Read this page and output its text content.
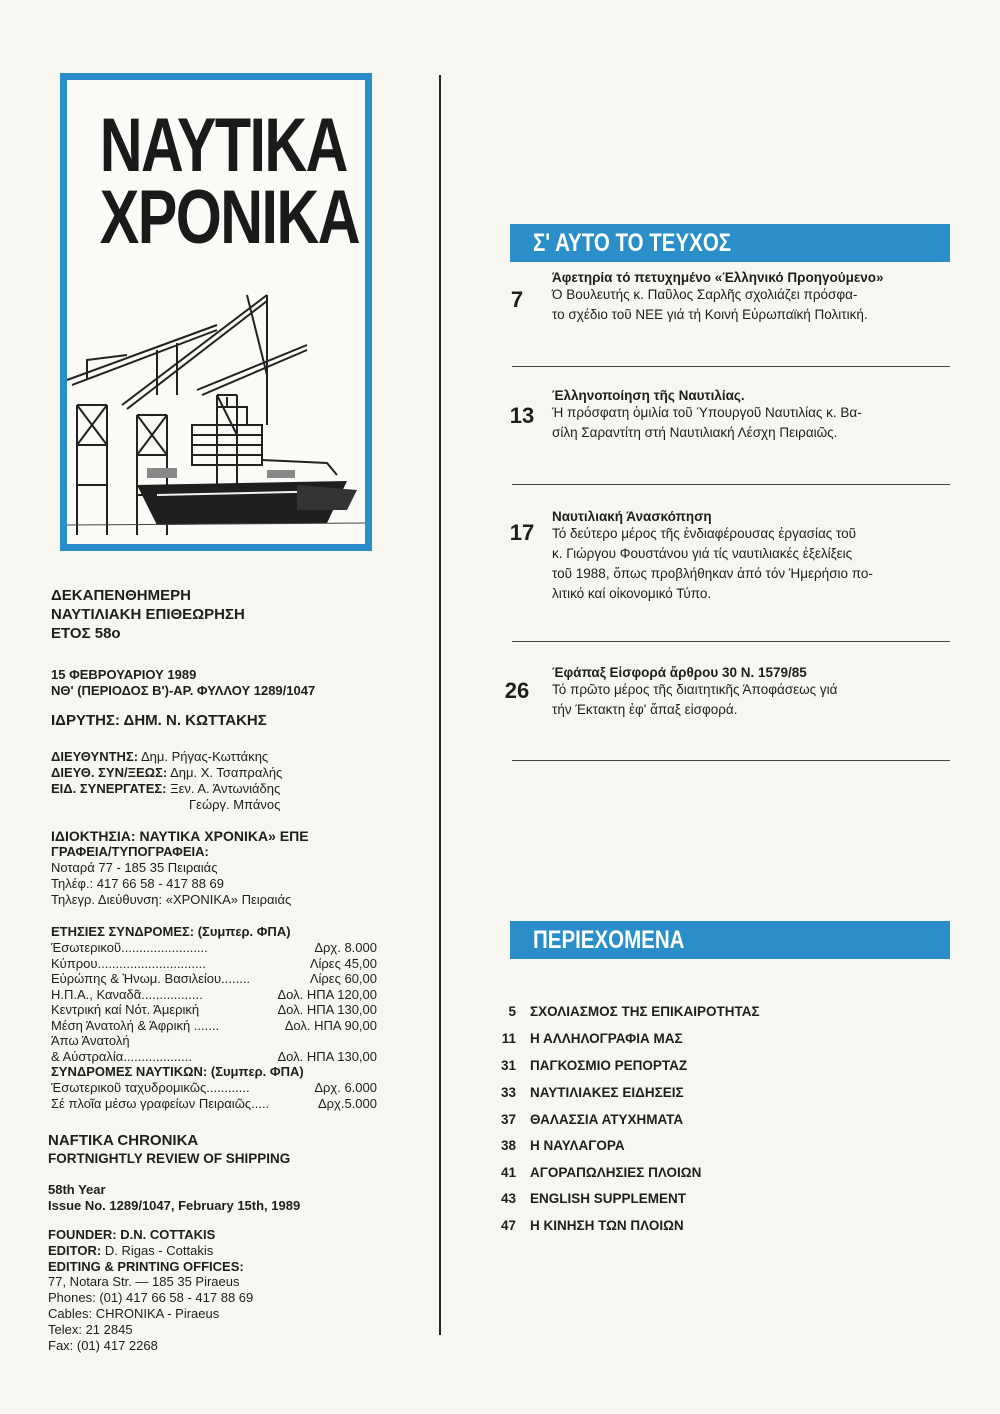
ΝΑΥΤΙΚΑ
ΧΡΟΝΙΚΑ
ΔΕΚΑΠΕΝΘΗΜΕΡΗ
ΝΑΥΤΙΛΙΑΚΗ ΕΠΙΘΕΩΡΗΣΗ
ΕΤΟΣ 58ο
15 ΦΕΒΡΟΥΑΡΙΟΥ 1989
ΝΘ' (ΠΕΡΙΟΔΟΣ Β')-ΑΡ. ΦΥΛΛΟΥ 1289/1047
ΙΔΡΥΤΗΣ: ΔΗΜ. Ν. ΚΩΤΤΑΚΗΣ
ΔΙΕΥΘΥΝΤΗΣ: Δημ. Ρήγας-Κωττάκης
ΔΙΕΥΘ. ΣΥΝ/ΞΕΩΣ: Δημ. Χ. Τσαπραλής
ΕΙΔ. ΣΥΝΕΡΓΑΤΕΣ: Ξεν. Α. Άντωνιάδης
Γεώργ. Μπάνος
ΙΔΙΟΚΤΗΣΙΑ: ΝΑΥΤΙΚΑ ΧΡΟΝΙΚΑ» ΕΠΕ
ΓΡΑΦΕΙΑ/ΤΥΠΟΓΡΑΦΕΙΑ:
Νοταρά 77 - 185 35 Πειραιάς
Τηλέφ.: 417 66 58 - 417 88 69
Τηλεγρ. Διεύθυνση: «ΧΡΟΝΙΚΑ» Πειραιάς
ΕΤΗΣΙΕΣ ΣΥΝΔΡΟΜΕΣ: (Συμπερ. ΦΠΑ)
Έσωτερικοῦ........................	Δρχ. 8.000
Κύπρου..............................	Λίρες 45,00
Εὐρώπης & Ἡνωμ. Βασιλείου........	Λίρες 60,00
Η.Π.Α., Καναδᾶ.................	Δολ. ΗΠΑ 120,00
Κεντρική καί Νότ. Άμερική	Δολ. ΗΠΑ 130,00
Μέση Άνατολή & Άφρική .......	Δολ. ΗΠΑ 90,00
Άπω Άνατολή
& Αὐστραλία...................	Δολ. ΗΠΑ 130,00
ΣΥΝΔΡΟΜΕΣ ΝΑΥΤΙΚΩΝ: (Συμπερ. ΦΠΑ)
Έσωτερικοῦ ταχυδρομικῶς............	Δρχ. 6.000
Σέ πλοῖα μέσω γραφείων Πειραιῶς.....	Δρχ.5.000
NAFTIKA CHRONIKA
FORTNIGHTLY REVIEW OF SHIPPING
58th Year
Issue No. 1289/1047, February 15th, 1989
FOUNDER: D.N. COTTAKIS
EDITOR: D. Rigas - Cottakis
EDITING & PRINTING OFFICES:
77, Notara Str. — 185 35 Piraeus
Phones: (01) 417 66 58 - 417 88 69
Cables: CHRONIKA - Piraeus
Telex: 21 2845
Fax: (01) 417 2268
Σ' ΑΥΤΟ ΤΟ ΤΕΥΧΟΣ
7
Άφετηρία τό πετυχημένο «Έλληνικό Προηγούμενο»
Ό Βουλευτής κ. Παῦλος Σαρλῆς σχολιάζει πρόσφα-
το σχέδιο τοῦ ΝΕΕ γιά τή Κοινή Εὐρωπαϊκή Πολιτική.
13
Έλληνοποίηση τῆς Ναυτιλίας.
Ή πρόσφατη ὁμιλία τοῦ Ύπουργοῦ Ναυτιλίας κ. Βα-
σίλη Σαραντίτη στή Ναυτιλιακή Λέσχη Πειραιῶς.
17
Ναυτιλιακή Άνασκόπηση
Τό δεύτερο μέρος τῆς ἐνδιαφέρουσας ἐργασίας τοῦ
κ. Γιώργου Φουστάνου γιά τίς ναυτιλιακές ἐξελίξεις
τοῦ 1988, ὅπως προβλήθηκαν ἀπό τόν Ήμερήσιο πο-
λιτικό καί οἰκονομικό Τύπο.
26
Έφάπαξ Εἰσφορά ἄρθρου 30 Ν. 1579/85
Τό πρῶτο μέρος τῆς διαιτητικῆς Άποφάσεως γιά
τήν Έκτακτη ἐφ' ἅπαξ εἰσφορά.
ΠΕΡΙΕΧΟΜΕΝΑ
5 ΣΧΟΛΙΑΣΜΟΣ ΤΗΣ ΕΠΙΚΑΙΡΟΤΗΤΑΣ
11 Η ΑΛΛΗΛΟΓΡΑΦΙΑ ΜΑΣ
31 ΠΑΓΚΟΣΜΙΟ ΡΕΠΟΡΤΑΖ
33 ΝΑΥΤΙΛΙΑΚΕΣ ΕΙΔΗΣΕΙΣ
37 ΘΑΛΑΣΣΙΑ ΑΤΥΧΗΜΑΤΑ
38 Η ΝΑΥΛΑΓΟΡΑ
41 ΑΓΟΡΑΠΩΛΗΣΙΕΣ ΠΛΟΙΩΝ
43 ENGLISH SUPPLEMENT
47 Η ΚΙΝΗΣΗ ΤΩΝ ΠΛΟΙΩΝ
